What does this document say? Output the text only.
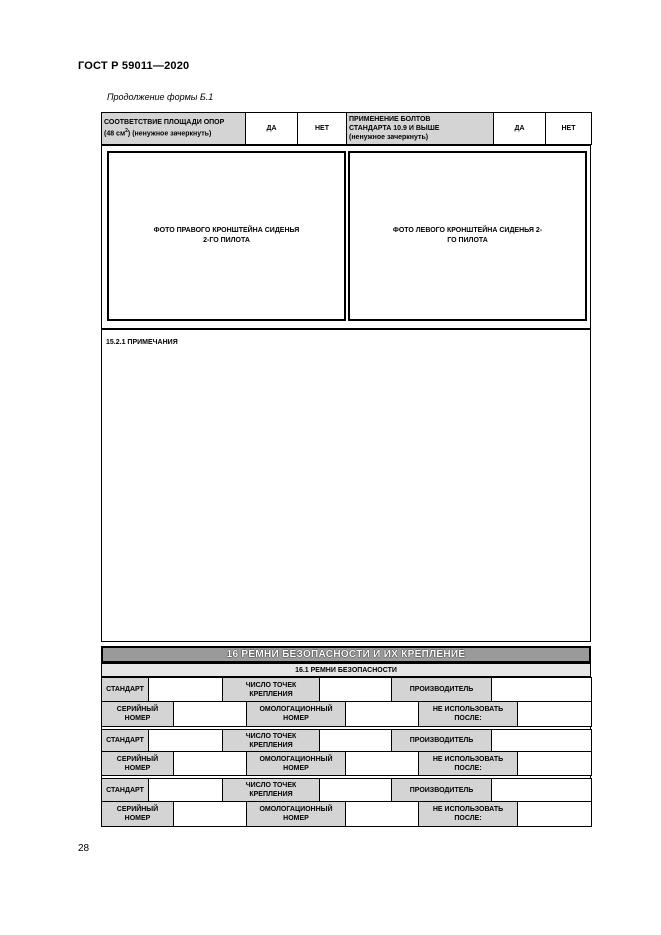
ГОСТ Р 59011—2020
Продолжение формы Б.1
СООТВЕТСТВИЕ ПЛОЩАДИ ОПОР
(48 $см^2$) (ненужное зачеркнуть)	ДА	НЕТ	ПРИМЕНЕНИЕ БОЛТОВ
СТАНДАРТА 10.9 И ВЫШЕ
(ненужное зачеркнуть)	ДА	НЕТ
ФОТО ПРАВОГО КРОНШТЕЙНА СИДЕНЬЯ 2-ГО ПИЛОТА
ФОТО ЛЕВОГО КРОНШТЕЙНА СИДЕНЬЯ 2-ГО ПИЛОТА
15.2.1 ПРИМЕЧАНИЯ
16 РЕМНИ БЕЗОПАСНОСТИ И ИХ КРЕПЛЕНИЕ
16.1 РЕМНИ БЕЗОПАСНОСТИ
СТАНДАРТ			ЧИСЛО ТОЧЕК КРЕПЛЕНИЯ				ПРОИЗВОДИТЕЛЬ			
СЕРИЙНЫЙ НОМЕР				ОМОЛОГАЦИОННЫЙ НОМЕР				НЕ ИСПОЛЬЗОВАТЬ ПОСЛЕ:		
СТАНДАРТ			ЧИСЛО ТОЧЕК КРЕПЛЕНИЯ				ПРОИЗВОДИТЕЛЬ			
СЕРИЙНЫЙ НОМЕР				ОМОЛОГАЦИОННЫЙ НОМЕР				НЕ ИСПОЛЬЗОВАТЬ ПОСЛЕ:		
СТАНДАРТ			ЧИСЛО ТОЧЕК КРЕПЛЕНИЯ				ПРОИЗВОДИТЕЛЬ			
СЕРИЙНЫЙ НОМЕР				ОМОЛОГАЦИОННЫЙ НОМЕР				НЕ ИСПОЛЬЗОВАТЬ ПОСЛЕ:		
28
